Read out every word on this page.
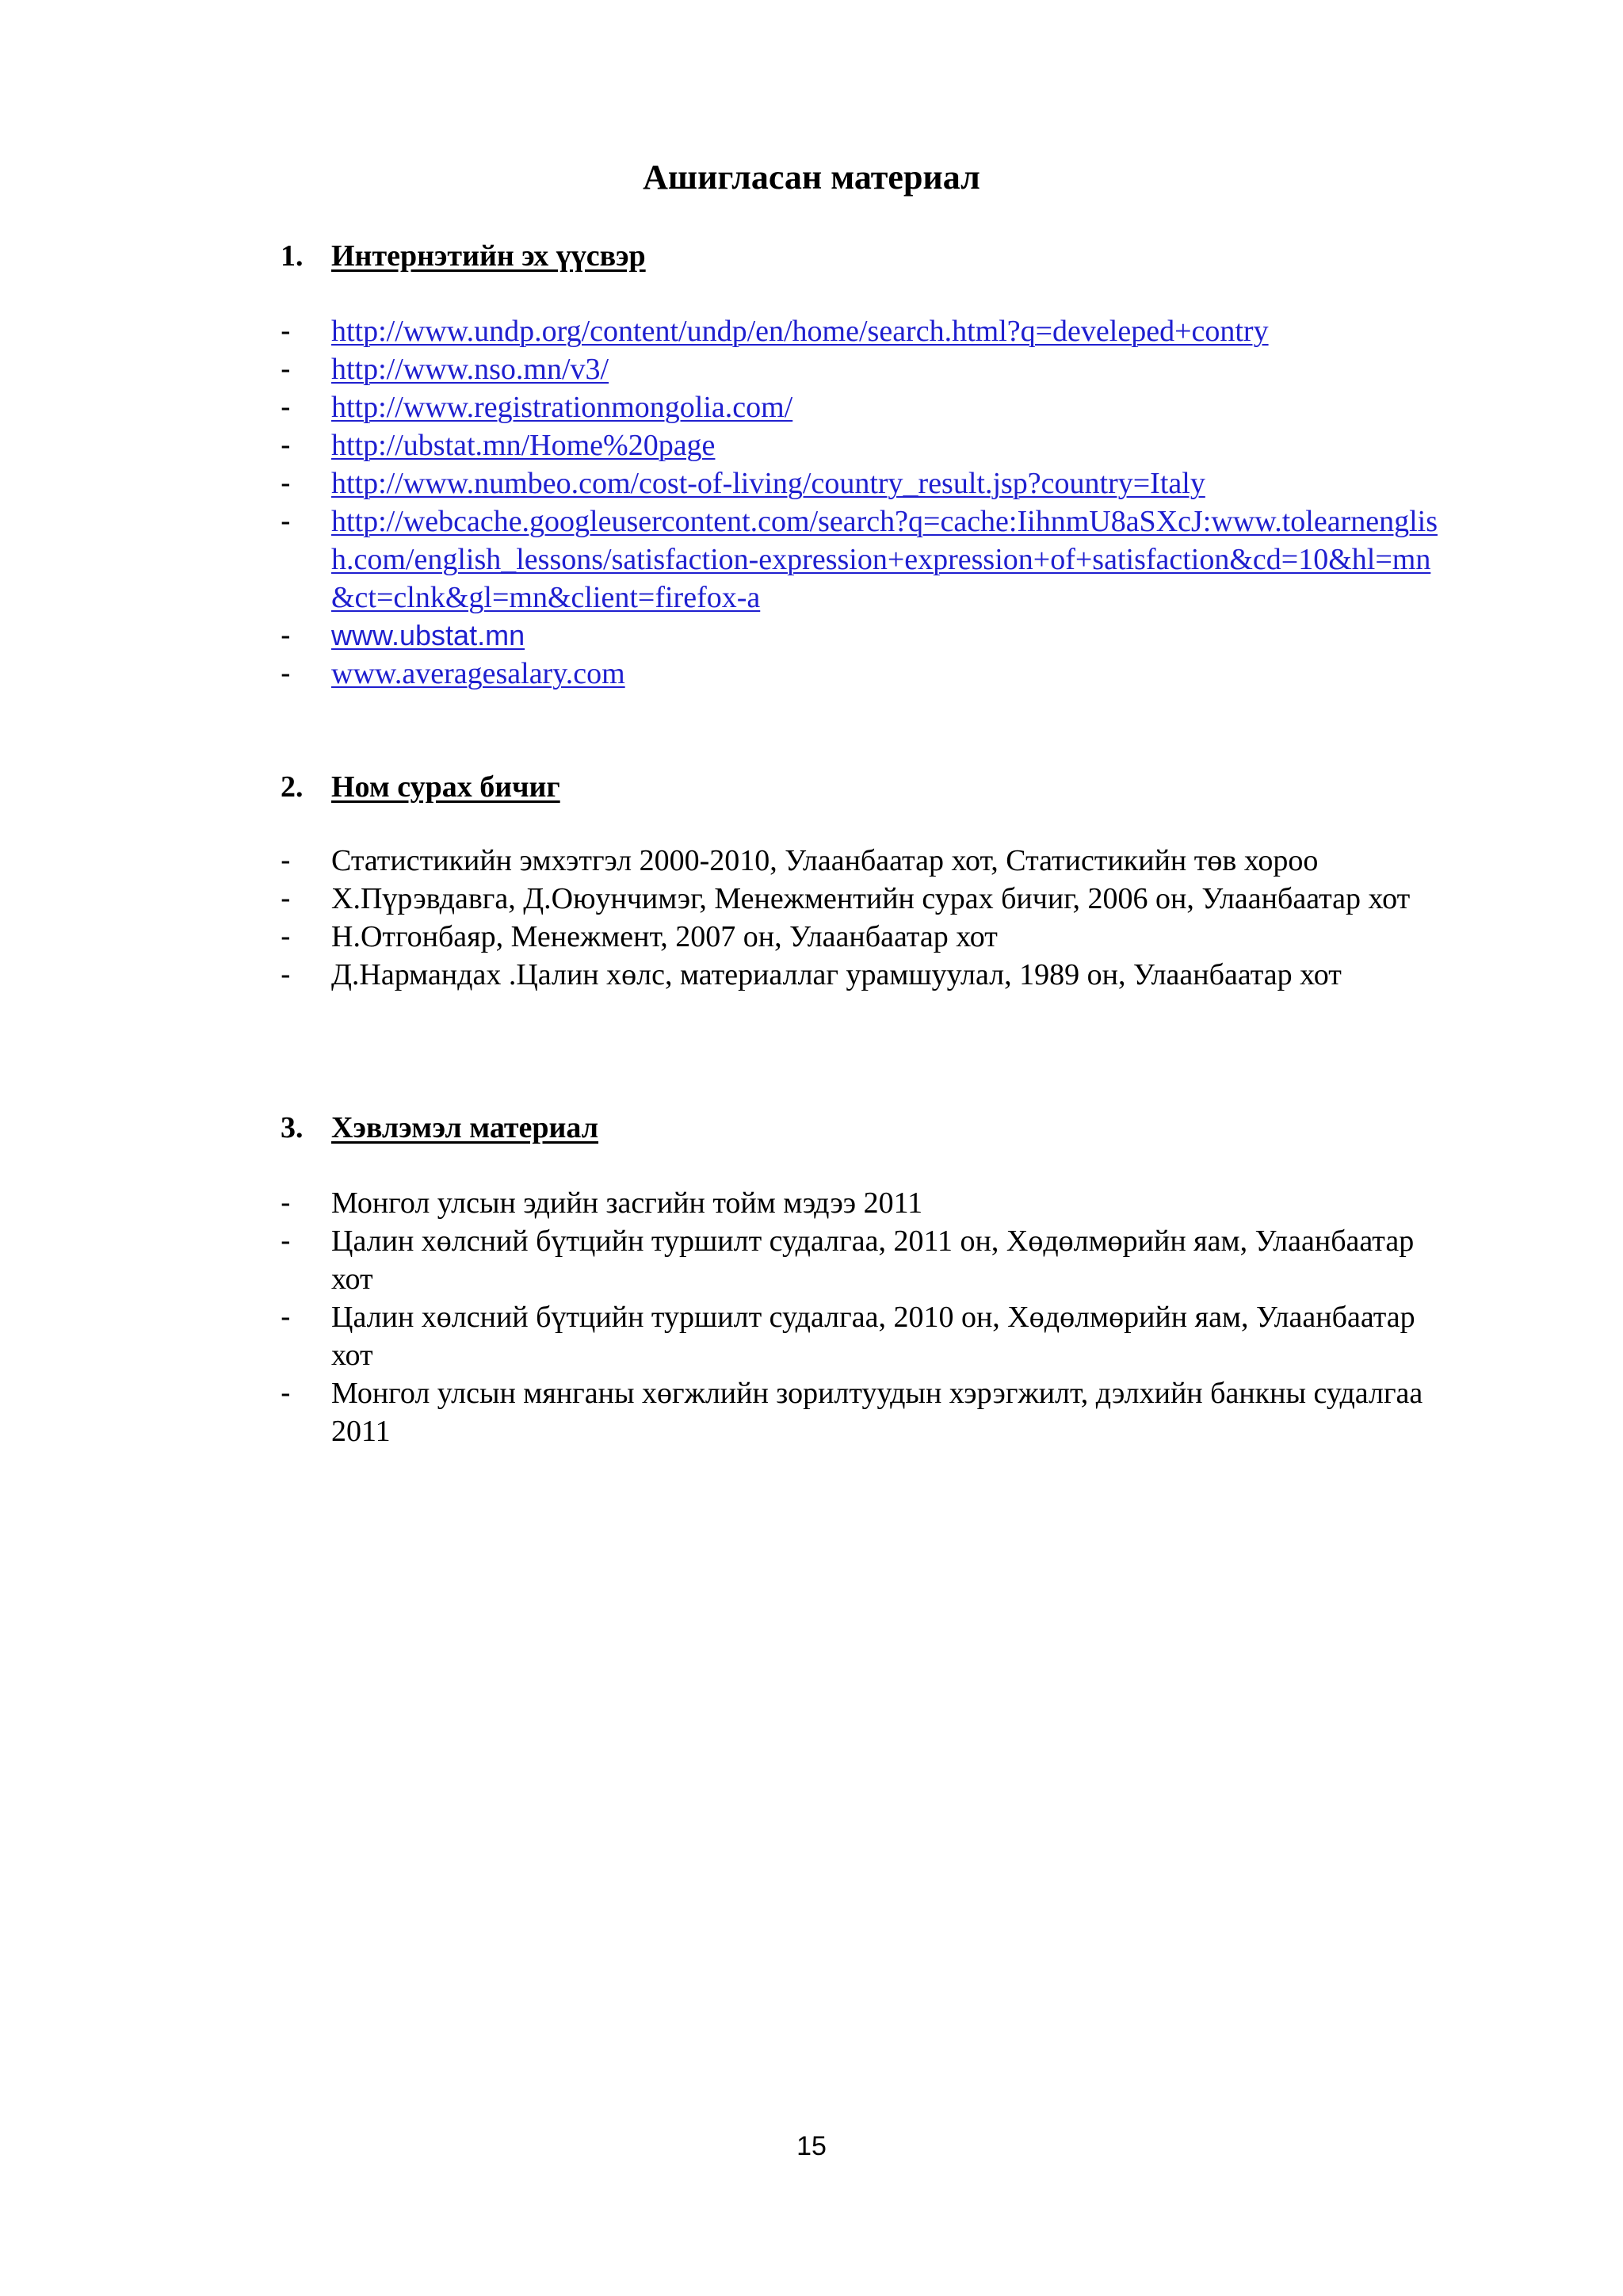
Ашигласан материал
1. Интернэтийн эх үүсвэр
- http://www.undp.org/content/undp/en/home/search.html?q=develeped+contry
- http://www.nso.mn/v3/
- http://www.registrationmongolia.com/
- http://ubstat.mn/Home%20page
- http://www.numbeo.com/cost-of-living/country_result.jsp?country=Italy
- http://webcache.googleusercontent.com/search?q=cache:IihnmU8aSXcJ:www.tolearnenglish.com/english_lessons/satisfaction-expression+expression+of+satisfaction&cd=10&hl=mn&ct=clnk&gl=mn&client=firefox-a
- www.ubstat.mn
- www.averagesalary.com
2. Ном сурах бичиг
- Статистикийн эмхэтгэл 2000-2010, Улаанбаатар хот, Статистикийн төв хороо
- Х.Пүрэвдавга, Д.Оюунчимэг, Менежментийн сурах бичиг, 2006 он, Улаанбаатар хот
- Н.Отгонбаяр, Менежмент, 2007 он, Улаанбаатар хот
- Д.Нармандах .Цалин хөлс, материаллаг урамшуулал, 1989 он, Улаанбаатар хот
3. Хэвлэмэл материал
- Монгол улсын эдийн засгийн тойм мэдээ 2011
- Цалин хөлсний бүтцийн туршилт судалгаа, 2011 он, Хөдөлмөрийн яам, Улаанбаатар хот
- Цалин хөлсний бүтцийн туршилт судалгаа, 2010 он, Хөдөлмөрийн яам, Улаанбаатар хот
- Монгол улсын мянганы хөгжлийн зорилтуудын хэрэгжилт, дэлхийн банкны судалгаа 2011
15
